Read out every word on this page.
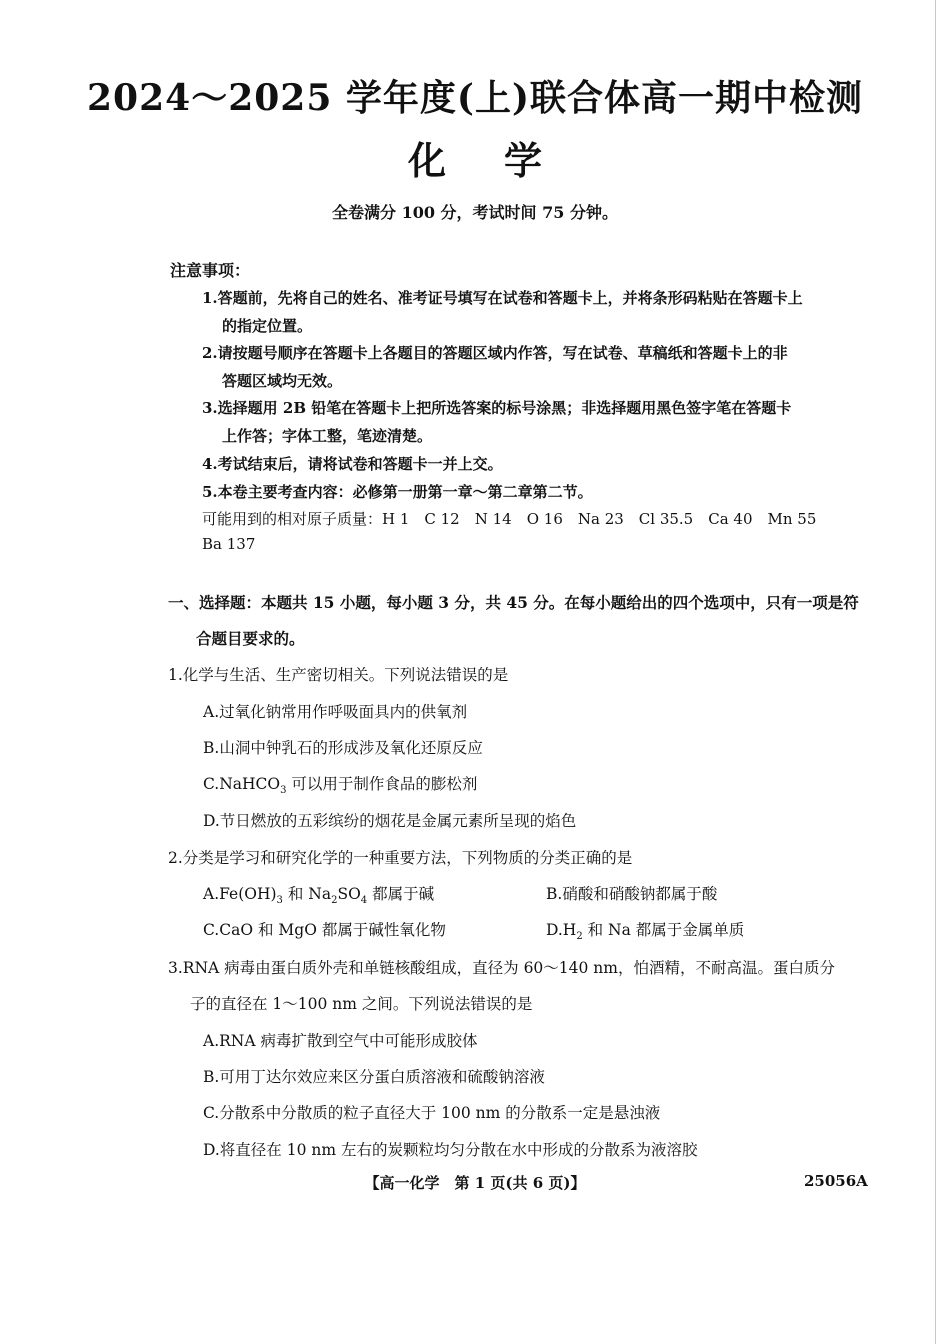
2024～2025 学年度(上)联合体高一期中检测
化学
全卷满分 100 分，考试时间 75 分钟。
注意事项：
1.答题前，先将自己的姓名、准考证号填写在试卷和答题卡上，并将条形码粘贴在答题卡上
的指定位置。
2.请按题号顺序在答题卡上各题目的答题区域内作答，写在试卷、草稿纸和答题卡上的非
答题区域均无效。
3.选择题用 2B 铅笔在答题卡上把所选答案的标号涂黑；非选择题用黑色签字笔在答题卡
上作答；字体工整，笔迹清楚。
4.考试结束后，请将试卷和答题卡一并上交。
5.本卷主要考查内容：必修第一册第一章～第二章第二节。
可能用到的相对原子质量：H 1　C 12　N 14　O 16　Na 23　Cl 35.5　Ca 40　Mn 55
Ba 137
一、选择题：本题共 15 小题，每小题 3 分，共 45 分。在每小题给出的四个选项中，只有一项是符
合题目要求的。
1.化学与生活、生产密切相关。下列说法错误的是
A.过氧化钠常用作呼吸面具内的供氧剂
B.山洞中钟乳石的形成涉及氧化还原反应
C.NaHCO$_3$ 可以用于制作食品的膨松剂
D.节日燃放的五彩缤纷的烟花是金属元素所呈现的焰色
2.分类是学习和研究化学的一种重要方法，下列物质的分类正确的是
$A.Fe(OH)_3$ 和 $Na_2SO_4$ 都属于碱	B.硝酸和硝酸钠都属于酸
C.CaO 和 MgO 都属于碱性氧化物	$D.H_2$ 和 Na 都属于金属单质
3.RNA 病毒由蛋白质外壳和单链核酸组成，直径为 60～140 nm，怕酒精，不耐高温。蛋白质分
子的直径在 1～100 nm 之间。下列说法错误的是
A.RNA 病毒扩散到空气中可能形成胶体
B.可用丁达尔效应来区分蛋白质溶液和硫酸钠溶液
C.分散系中分散质的粒子直径大于 100 nm 的分散系一定是悬浊液
D.将直径在 10 nm 左右的炭颗粒均匀分散在水中形成的分散系为液溶胶
【高一化学　第 1 页(共 6 页)】	25056A
